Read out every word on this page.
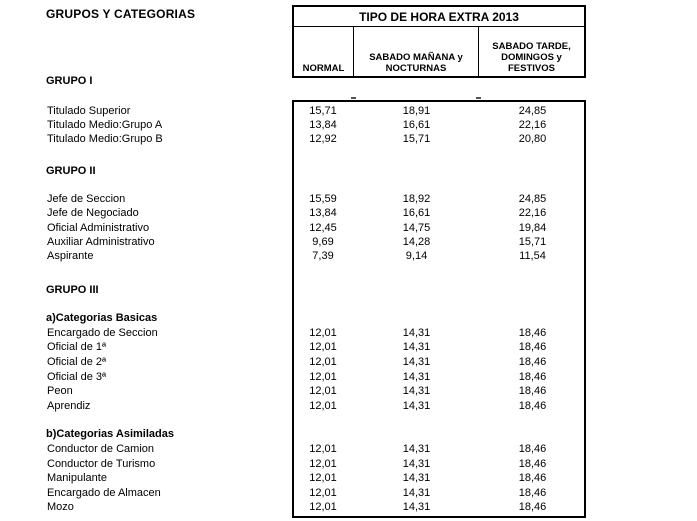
GRUPOS Y CATEGORIAS	TIPO DE HORA EXTRA 2013
NORMAL
SABADO MAÑANA y NOCTURNAS
SABADO TARDE, DOMINGOS y FESTIVOS
GRUPO I
Titulado Superior	15,71	18,91	24,85
Titulado Medio:Grupo A	13,84	16,61	22,16
Titulado Medio:Grupo B	12,92	15,71	20,80
GRUPO II
Jefe de Seccion	15,59	18,92	24,85
Jefe de Negociado	13,84	16,61	22,16
Oficial Administrativo	12,45	14,75	19,84
Auxiliar Administrativo	9,69	14,28	15,71
Aspirante	7,39	9,14	11,54
GRUPO III
a)Categorias Basicas
Encargado de Seccion	12,01	14,31	18,46
Oficial de 1ª	12,01	14,31	18,46
Oficial de 2ª	12,01	14,31	18,46
Oficial de 3ª	12,01	14,31	18,46
Peon	12,01	14,31	18,46
Aprendiz	12,01	14,31	18,46
b)Categorias Asimiladas
Conductor de Camion	12,01	14,31	18,46
Conductor de Turismo	12,01	14,31	18,46
Manipulante	12,01	14,31	18,46
Encargado de Almacen	12,01	14,31	18,46
Mozo	12,01	14,31	18,46
